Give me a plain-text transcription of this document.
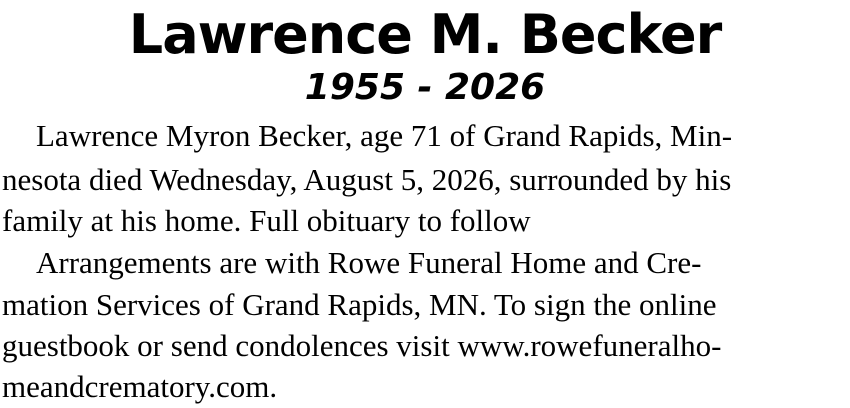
Lawrence M. Becker
1955 - 2026
Lawrence Myron Becker, age 71 of Grand Rapids, Min-
nesota died Wednesday, August 5, 2026, surrounded by his
family at his home. Full obituary to follow
Arrangements are with Rowe Funeral Home and Cre-
mation Services of Grand Rapids, MN. To sign the online
guestbook or send condolences visit www.rowefuneralho-
meandcrematory.com.
